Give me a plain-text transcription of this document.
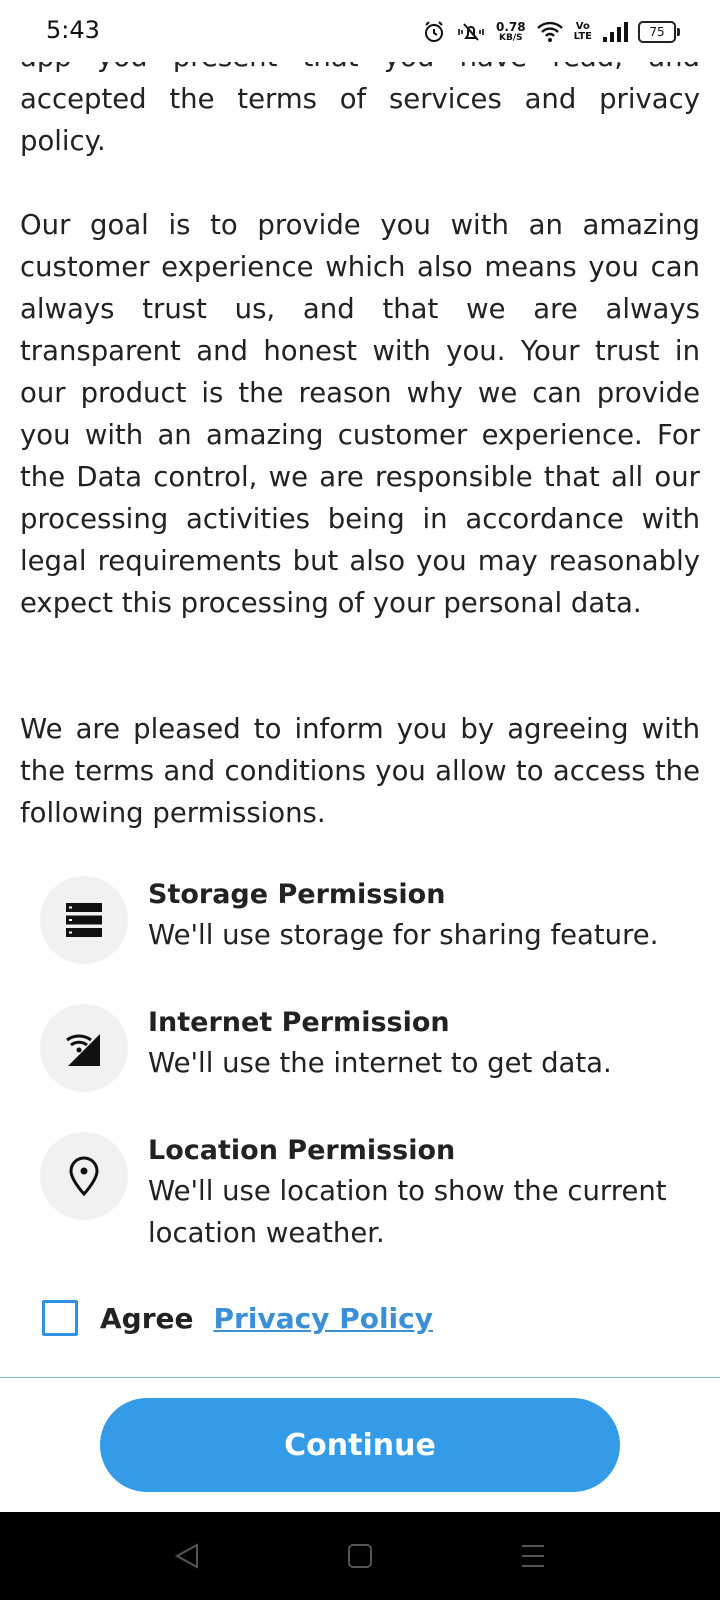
5:43	0.78
KB/S
Vo
LTE	75

accepted the terms of services and privacy policy.

Our goal is to provide you with an amazing customer experience which also means you can always trust us, and that we are always transparent and honest with you. Your trust in our product is the reason why we can provide you with an amazing customer experience. For the Data control, we are responsible that all our processing activities being in accordance with legal requirements but also you may reasonably expect this processing of your personal data.

We are pleased to inform you by agreeing with the terms and conditions you allow to access the following permissions.

Storage Permission
We'll use storage for sharing feature.
Internet Permission
We'll use the internet to get data.
Location Permission
We'll use location to show the current location weather.
Agree Privacy Policy
Continue
